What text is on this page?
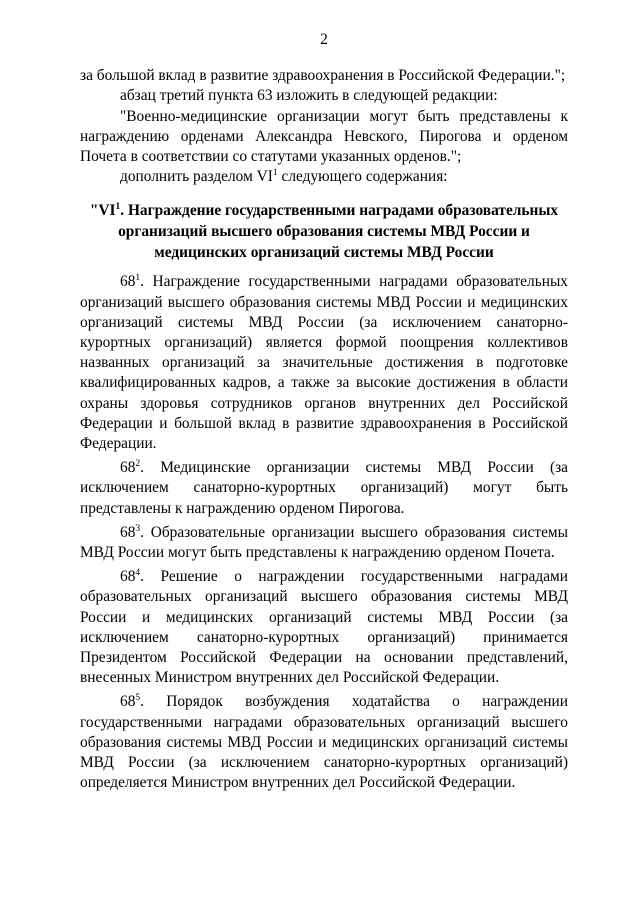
2

за большой вклад в развитие здравоохранения в Российской Федерации.";

абзац третий пункта 63 изложить в следующей редакции:

"Военно-медицинские организации могут быть представлены к награждению орденами Александра Невского, Пирогова и орденом Почета в соответствии со статутами указанных орденов.";

дополнить разделом $VI^1$ следующего содержания:

"$VI^1$. Награждение государственными наградами образовательных организаций высшего образования системы МВД России и медицинских организаций системы МВД России

$68^1$. Награждение государственными наградами образовательных организаций высшего образования системы МВД России и медицинских организаций системы МВД России (за исключением санаторно-курортных организаций) является формой поощрения коллективов названных организаций за значительные достижения в подготовке квалифицированных кадров, а также за высокие достижения в области охраны здоровья сотрудников органов внутренних дел Российской Федерации и большой вклад в развитие здравоохранения в Российской Федерации.

$68^2$. Медицинские организации системы МВД России (за исключением санаторно-курортных организаций) могут быть представлены к награждению орденом Пирогова.

$68^3$. Образовательные организации высшего образования системы МВД России могут быть представлены к награждению орденом Почета.

$68^4$. Решение о награждении государственными наградами образовательных организаций высшего образования системы МВД России и медицинских организаций системы МВД России (за исключением санаторно-курортных организаций) принимается Президентом Российской Федерации на основании представлений, внесенных Министром внутренних дел Российской Федерации.

$68^5$. Порядок возбуждения ходатайства о награждении государственными наградами образовательных организаций высшего образования системы МВД России и медицинских организаций системы МВД России (за исключением санаторно-курортных организаций) определяется Министром внутренних дел Российской Федерации.
